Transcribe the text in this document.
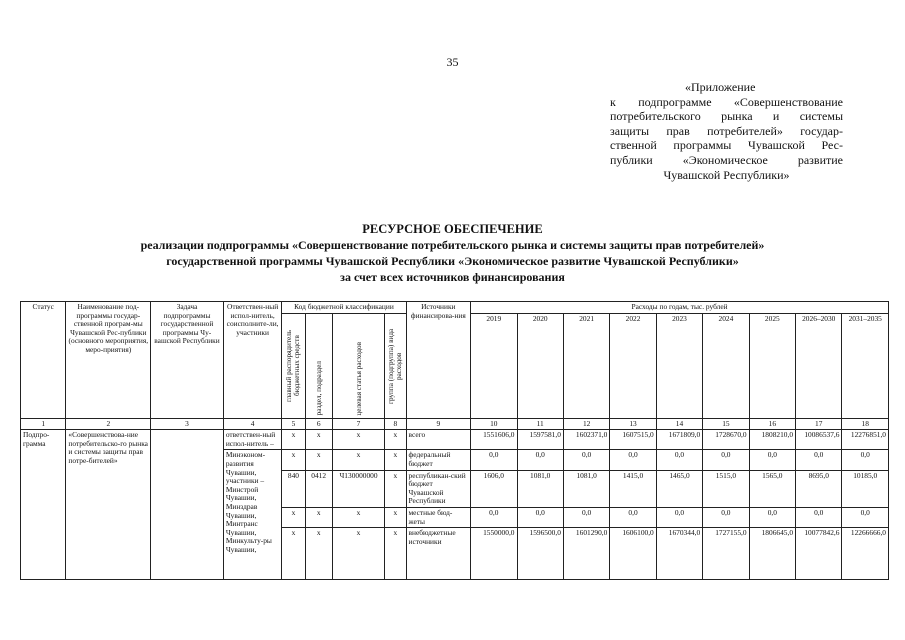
35
«Приложение
к подпрограмме «Совершенствование
потребительского рынка и системы
защиты прав потребителей» государ-
ственной программы Чувашской Рес-
публики «Экономическое развитие
Чувашской Республики»
РЕСУРСНОЕ ОБЕСПЕЧЕНИЕ
реализации подпрограммы «Совершенствование потребительского рынка и системы защиты прав потребителей»
государственной программы Чувашской Республики «Экономическое развитие Чувашской Республики»
за счет всех источников финансирования
Статус	Наименование под-программы государ-ственной програм-мы Чувашской Рес-публики (основного мероприятия, меро-приятия)	Задача подпрограммы государственной программы Чу-вашской Республики	Ответствен-ный испол-нитель, соисполните-ли, участники	Код бюджетной классификации				Источники финансирова-ния	Расходы по годам, тыс. рублей								

				главный распорядитель бюджетных средств	раздел, подраздел	целевая статья расходов	группа (подгруппа) вида расходов		2019	2020	2021	2022	2023	2024	2025	2026–2030	2031–2035
1	2	3	4	5	6	7	8	9	10	11	12	13	14	15	16	17	18
Подпро-грамма	«Совершенствова-ние потребительско-го рынка и системы защиты прав потре-бителей»		ответствен-ный испол-нитель –	x	x	x	x	всего	1551606,0	1597581,0	1602371,0	1607515,0	1671809,0	1728670,0	1808210,0	10086537,6	12276851,0
			Минэконом-развития Чувашии, участники – Минстрой Чувашии, Минздрав Чувашии, Минтранс Чувашии, Минкульту-ры Чувашии,	x	x	x	x	федеральный бюджет	0,0	0,0	0,0	0,0	0,0	0,0	0,0	0,0	0,0
				840	0412	Ч130000000	x	республикан-ский бюджет Чувашской Республики	1606,0	1081,0	1081,0	1415,0	1465,0	1515,0	1565,0	8695,0	10185,0
				x	x	x	x	местные бюд-жеты	0,0	0,0	0,0	0,0	0,0	0,0	0,0	0,0	0,0
				x	x	x	x	внебюджетные источники	1550000,0	1596500,0	1601290,0	1606100,0	1670344,0	1727155,0	1806645,0	10077842,6	12266666,0
